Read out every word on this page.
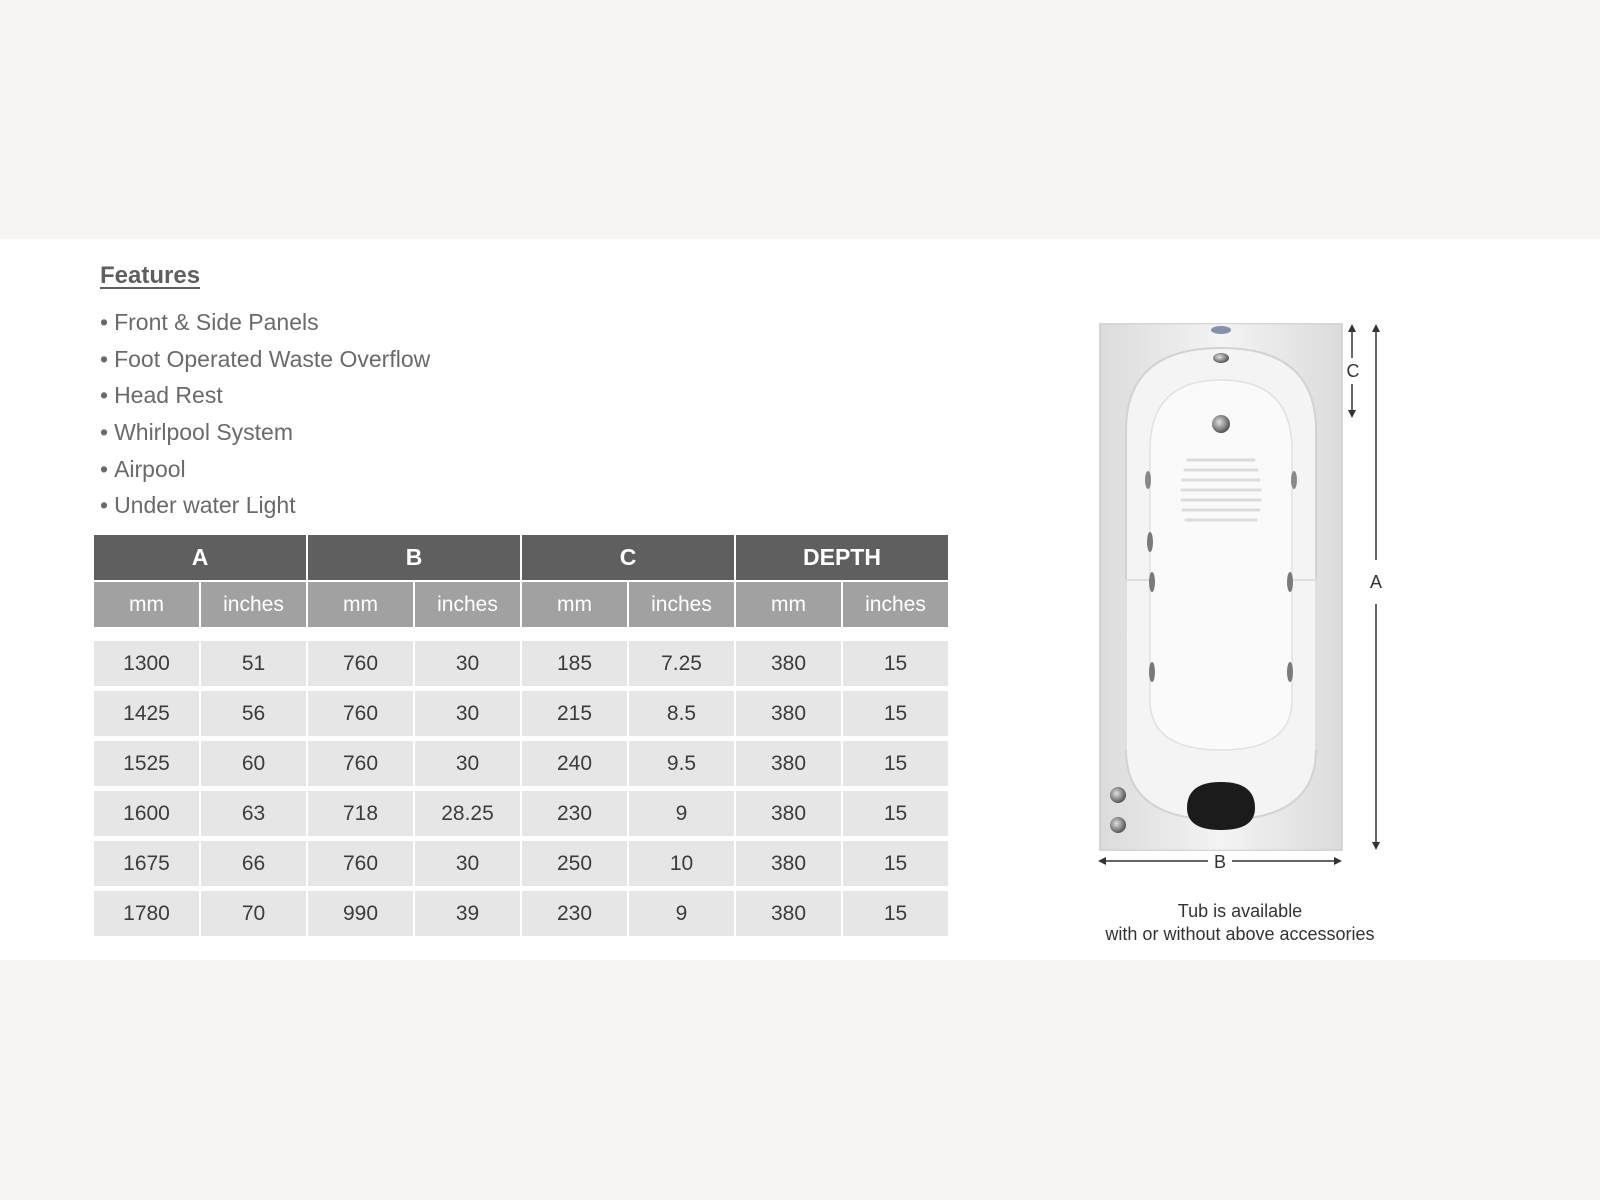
Features
• Front & Side Panels
• Foot Operated Waste Overflow
• Head Rest
• Whirlpool System
• Airpool
• Under water Light
A		B		C		DEPTH	
mm	inches	mm	inches	mm	inches	mm	inches

1300	51	760	30	185	7.25	380	15
1425	56	760	30	215	8.5	380	15
1525	60	760	30	240	9.5	380	15
1600	63	718	28.25	230	9	380	15
1675	66	760	30	250	10	380	15
1780	70	990	39	230	9	380	15
C
A
B
Tub is available
with or without above accessories
